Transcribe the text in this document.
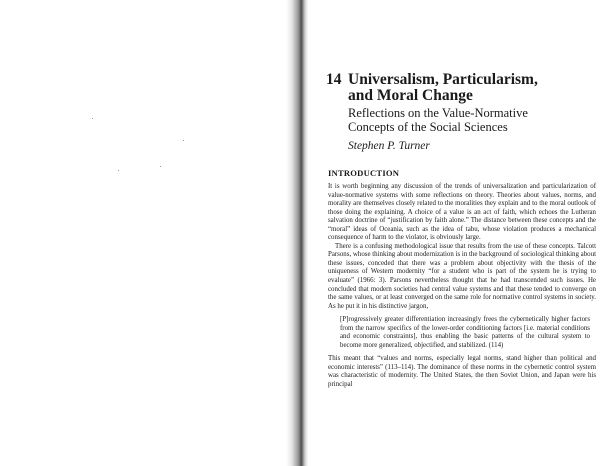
14 Universalism, Particularism,
and Moral Change
Reflections on the Value-Normative
Concepts of the Social Sciences
Stephen P. Turner
INTRODUCTION

It is worth beginning any discussion of the trends of universalization and particularization of value-normative systems with some reflections on theory. Theories about values, norms, and morality are themselves closely related to the moralities they explain and to the moral outlook of those doing the explaining. A choice of a value is an act of faith, which echoes the Lutheran salvation doctrine of “justification by faith alone.” The distance between these concepts and the “moral” ideas of Oceania, such as the idea of tabu, whose violation produces a mechanical consequence of harm to the violator, is obviously large.

There is a confusing methodological issue that results from the use of these concepts. Talcott Parsons, whose thinking about modernization is in the background of sociological thinking about these issues, conceded that there was a problem about objectivity with the thesis of the uniqueness of Western modernity “for a student who is part of the system he is trying to evaluate” (1966: 3). Parsons nevertheless thought that he had transcended such issues. He concluded that modern societies had central value systems and that these tended to converge on the same values, or at least converged on the same role for normative control systems in society. As he put it in his distinctive jargon,

[P]rogressively greater differentiation increasingly frees the cybernetically higher factors from the narrow specifics of the lower-order conditioning factors [i.e. material conditions and economic constraints], thus enabling the basic patterns of the cultural system to become more generalized, objectified, and stabilized. (114)

This meant that “values and norms, especially legal norms, stand higher than political and economic interests” (113–114). The dominance of these norms in the cybernetic control system was characteristic of modernity. The United States, the then Soviet Union, and Japan were his principal
